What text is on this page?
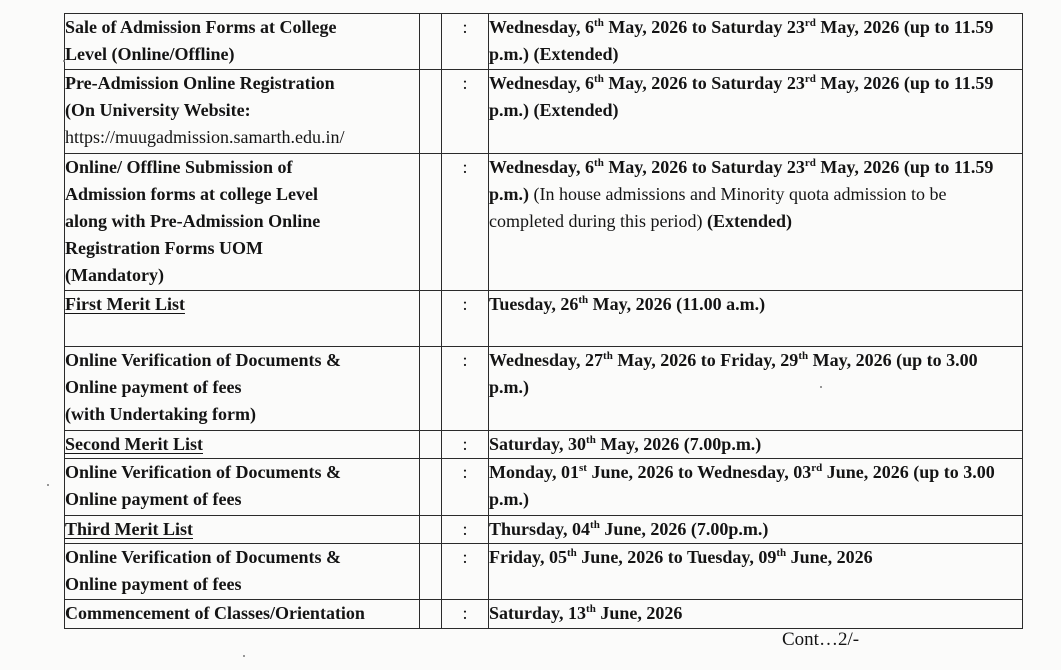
Sale of Admission Forms at College
Level (Online/Offline)		:	Wednesday, 6th May, 2026 to Saturday 23rd May, 2026 (up to 11.59 p.m.) (Extended)

Pre-Admission Online Registration
(On University Website:
https://muugadmission.samarth.edu.in/		:	Wednesday, 6th May, 2026 to Saturday 23rd May, 2026 (up to 11.59 p.m.) (Extended)

Online/ Offline Submission of
Admission forms at college Level
along with Pre-Admission Online
Registration Forms UOM
(Mandatory)		:	Wednesday, 6th May, 2026 to Saturday 23rd May, 2026 (up to 11.59 p.m.) (In house admissions and Minority quota admission to be completed during this period) (Extended)

First Merit List		:	Tuesday, 26th May, 2026 (11.00 a.m.)

Online Verification of Documents &
Online payment of fees
(with Undertaking form)		:	Wednesday, 27th May, 2026 to Friday, 29th May, 2026 (up to 3.00 p.m.)

Second Merit List		:	Saturday, 30th May, 2026 (7.00p.m.)

Online Verification of Documents &
Online payment of fees		:	Monday, 01st June, 2026 to Wednesday, 03rd June, 2026 (up to 3.00 p.m.)

Third Merit List		:	Thursday, 04th June, 2026 (7.00p.m.)

Online Verification of Documents &
Online payment of fees		:	Friday, 05th June, 2026 to Tuesday, 09th June, 2026

Commencement of Classes/Orientation		:	Saturday, 13th June, 2026
Cont…2/-
